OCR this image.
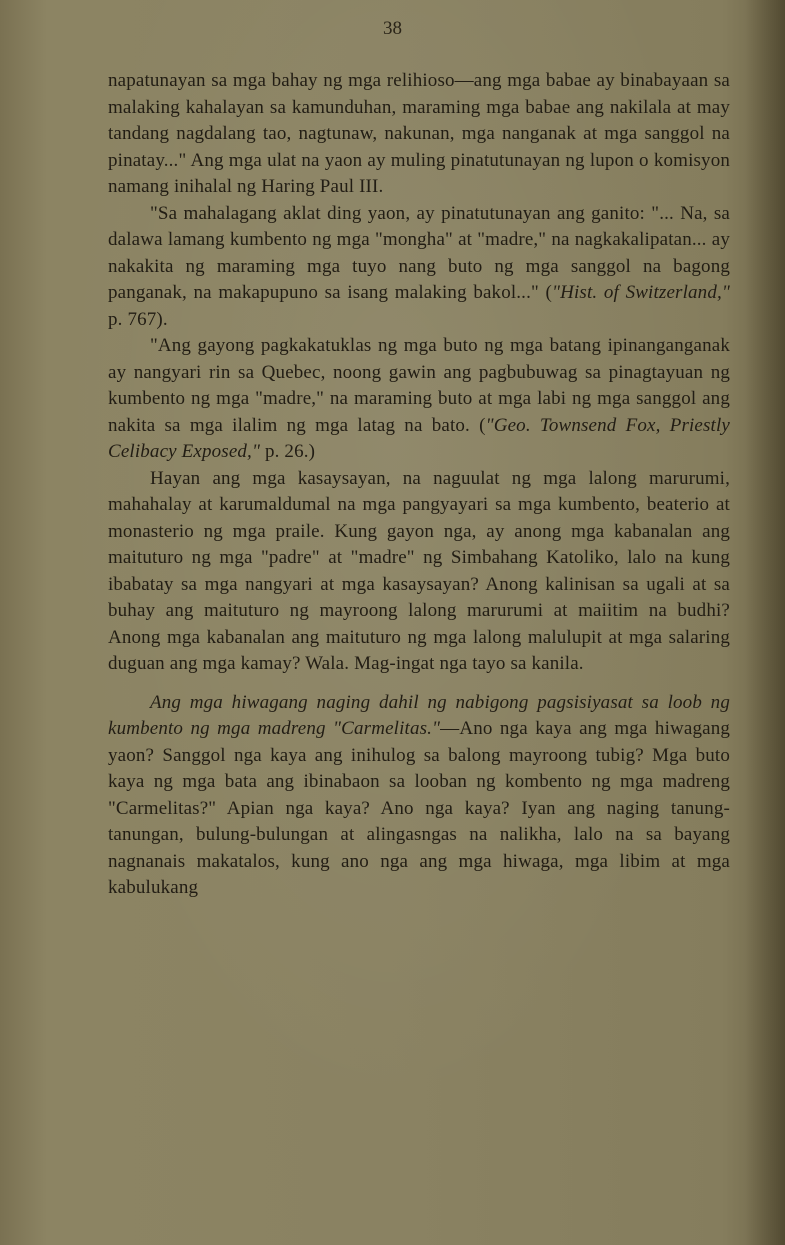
38

napatunayan sa mga bahay ng mga relihioso—ang mga babae ay binabayaan sa malaking kahalayan sa kamunduhan, maraming mga babae ang nakilala at may tandang nagdalang tao, nagtunaw, nakunan, mga nanganak at mga sanggol na pinatay..." Ang mga ulat na yaon ay muling pinatutunayan ng lupon o komisyon namang inihalal ng Haring Paul III.

"Sa mahalagang aklat ding yaon, ay pinatutunayan ang ganito: "... Na, sa dalawa lamang kumbento ng mga "mongha" at "madre," na nagkakalipatan... ay nakakita ng maraming mga tuyo nang buto ng mga sanggol na bagong panganak, na makapupuno sa isang malaking bakol..." ("Hist. of Switzerland," p. 767).

"Ang gayong pagkakatuklas ng mga buto ng mga batang ipinanganganak ay nangyari rin sa Quebec, noong gawin ang pagbubuwag sa pinagtayuan ng kumbento ng mga "madre," na maraming buto at mga labi ng mga sanggol ang nakita sa mga ilalim ng mga latag na bato. ("Geo. Townsend Fox, Priestly Celibacy Exposed," p. 26.)

Hayan ang mga kasaysayan, na naguulat ng mga lalong marurumi, mahahalay at karumaldumal na mga pangyayari sa mga kumbento, beaterio at monasterio ng mga praile. Kung gayon nga, ay anong mga kabanalan ang maituturo ng mga "padre" at "madre" ng Simbahang Katoliko, lalo na kung ibabatay sa mga nangyari at mga kasaysayan? Anong kalinisan sa ugali at sa buhay ang maituturo ng mayroong lalong marurumi at maiitim na budhi? Anong mga kabanalan ang maituturo ng mga lalong malulupit at mga salaring duguan ang mga kamay? Wala. Mag-ingat nga tayo sa kanila.

Ang mga hiwagang naging dahil ng nabigong pagsisiyasat sa loob ng kumbento ng mga madreng "Carmelitas."—Ano nga kaya ang mga hiwagang yaon? Sanggol nga kaya ang inihulog sa balong mayroong tubig? Mga buto kaya ng mga bata ang ibinabaon sa looban ng kombento ng mga madreng "Carmelitas?" Apian nga kaya? Ano nga kaya? Iyan ang naging tanung-tanungan, bulung-bulungan at alingasngas na nalikha, lalo na sa bayang nagnanais makatalos, kung ano nga ang mga hiwaga, mga libim at mga kabulukang
